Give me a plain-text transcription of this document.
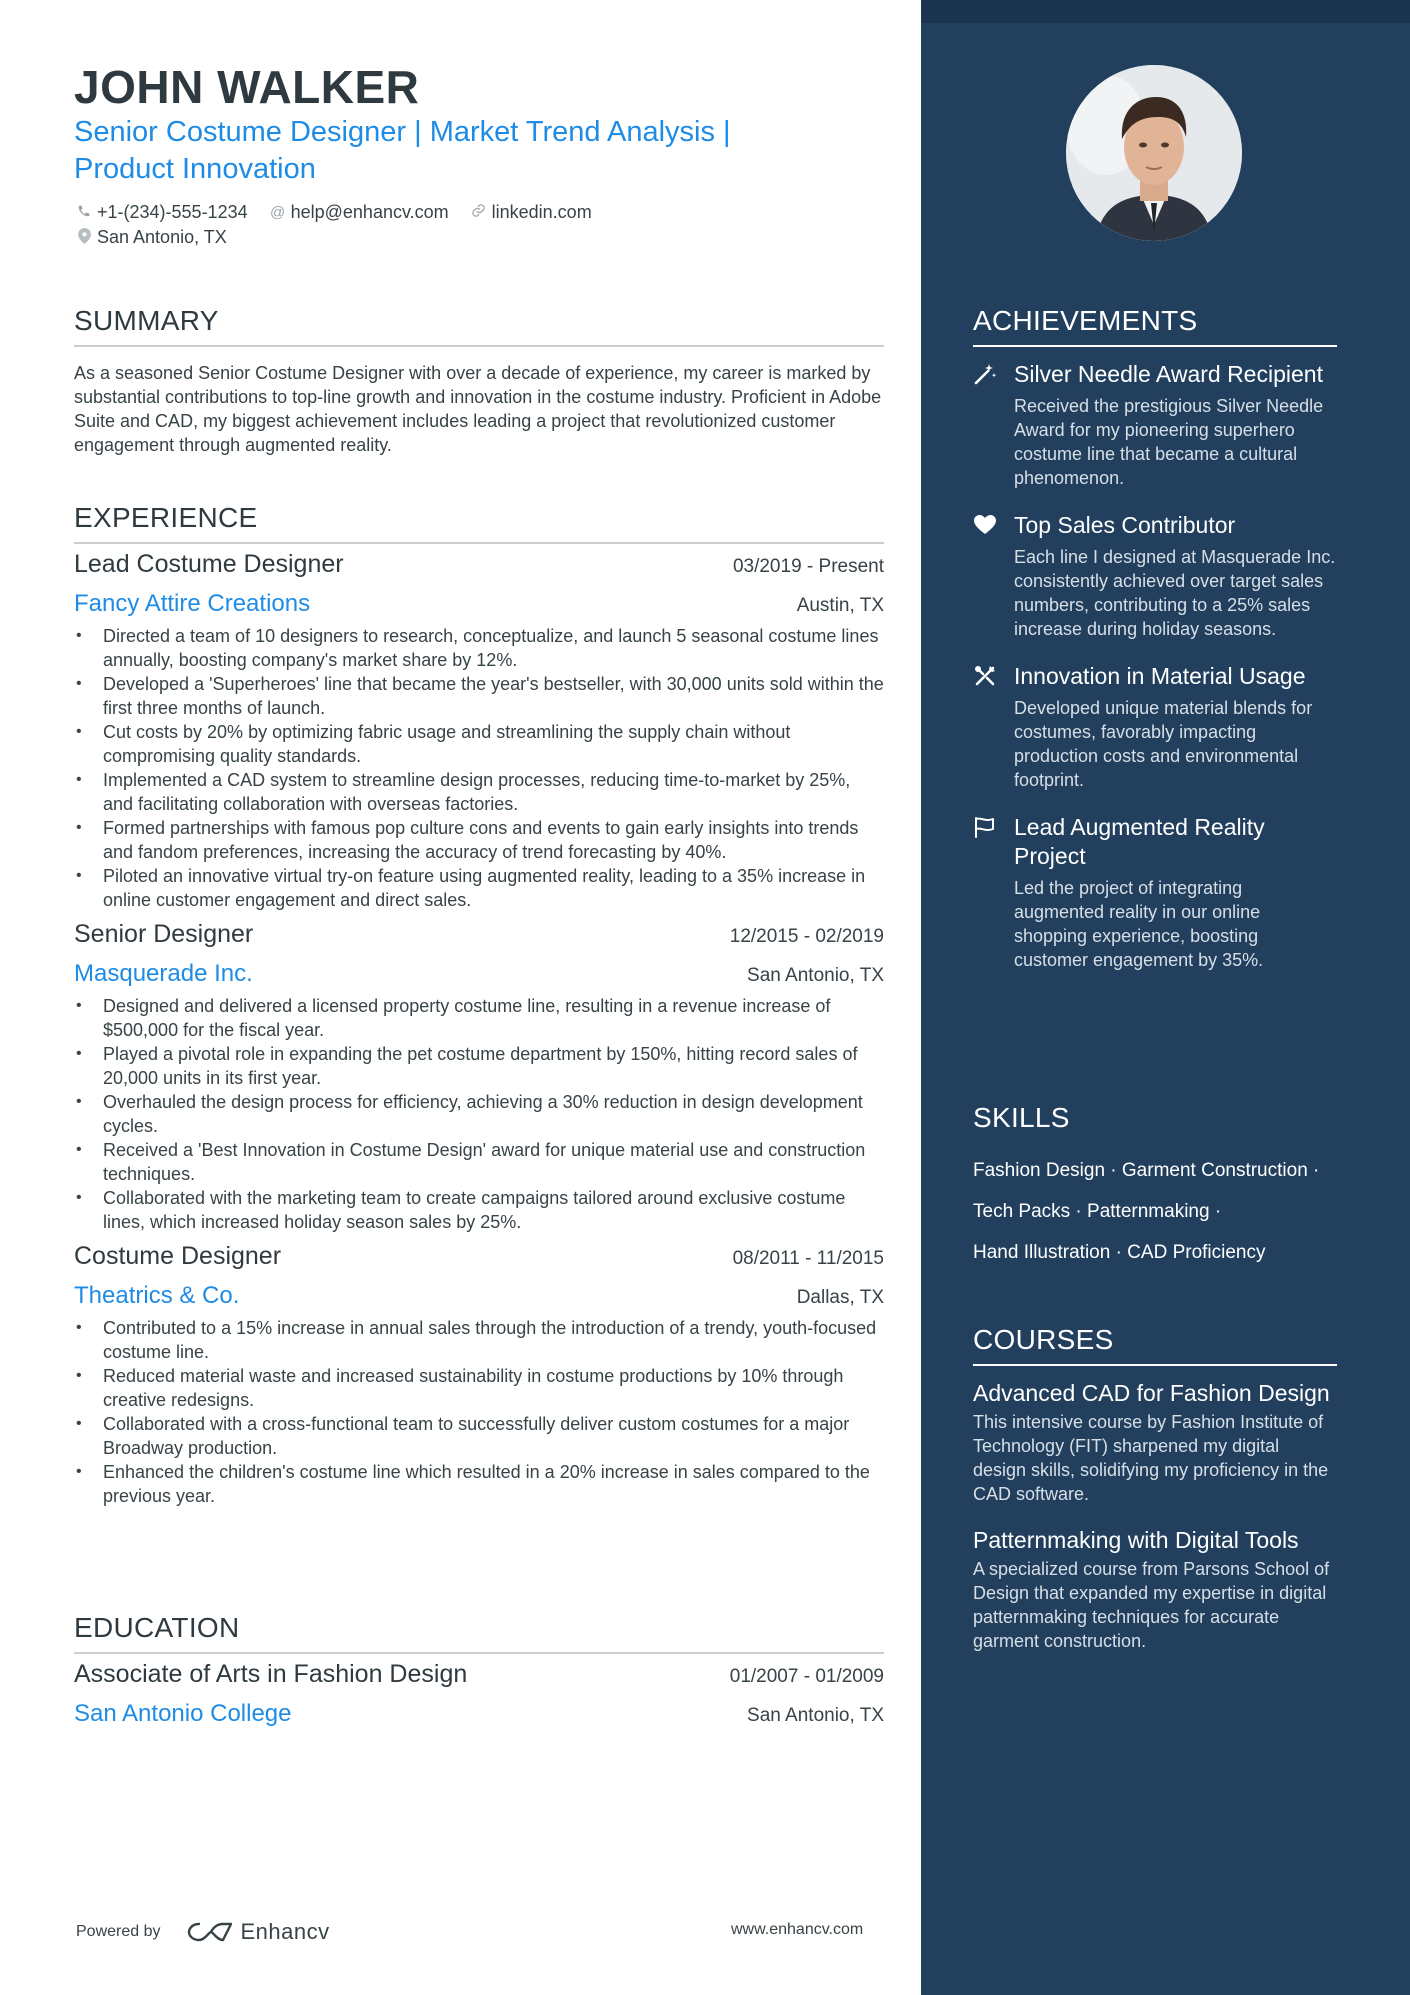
JOHN WALKER
Senior Costume Designer | Market Trend Analysis |
Product Innovation
+1-(234)-555-1234 @ help@enhancv.com linkedin.com
San Antonio, TX
SUMMARY
As a seasoned Senior Costume Designer with over a decade of experience, my career is marked by substantial contributions to top-line growth and innovation in the costume industry. Proficient in Adobe Suite and CAD, my biggest achievement includes leading a project that revolutionized customer engagement through augmented reality.
EXPERIENCE
Lead Costume Designer	03/2019 - Present
Fancy Attire Creations	Austin, TX
• Directed a team of 10 designers to research, conceptualize, and launch 5 seasonal costume lines annually, boosting company's market share by 12%.
• Developed a 'Superheroes' line that became the year's bestseller, with 30,000 units sold within the first three months of launch.
• Cut costs by 20% by optimizing fabric usage and streamlining the supply chain without compromising quality standards.
• Implemented a CAD system to streamline design processes, reducing time-to-market by 25%, and facilitating collaboration with overseas factories.
• Formed partnerships with famous pop culture cons and events to gain early insights into trends and fandom preferences, increasing the accuracy of trend forecasting by 40%.
• Piloted an innovative virtual try-on feature using augmented reality, leading to a 35% increase in online customer engagement and direct sales.
Senior Designer	12/2015 - 02/2019
Masquerade Inc.	San Antonio, TX
• Designed and delivered a licensed property costume line, resulting in a revenue increase of $500,000 for the fiscal year.
• Played a pivotal role in expanding the pet costume department by 150%, hitting record sales of 20,000 units in its first year.
• Overhauled the design process for efficiency, achieving a 30% reduction in design development cycles.
• Received a 'Best Innovation in Costume Design' award for unique material use and construction techniques.
• Collaborated with the marketing team to create campaigns tailored around exclusive costume lines, which increased holiday season sales by 25%.
Costume Designer	08/2011 - 11/2015
Theatrics & Co.	Dallas, TX
• Contributed to a 15% increase in annual sales through the introduction of a trendy, youth-focused costume line.
• Reduced material waste and increased sustainability in costume productions by 10% through creative redesigns.
• Collaborated with a cross-functional team to successfully deliver custom costumes for a major Broadway production.
• Enhanced the children's costume line which resulted in a 20% increase in sales compared to the previous year.
EDUCATION
Associate of Arts in Fashion Design	01/2007 - 01/2009
San Antonio College	San Antonio, TX
Powered by	Enhancv	www.enhancv.com
ACHIEVEMENTS
Silver Needle Award Recipient
Received the prestigious Silver Needle Award for my pioneering superhero costume line that became a cultural phenomenon.
Top Sales Contributor
Each line I designed at Masquerade Inc. consistently achieved over target sales numbers, contributing to a 25% sales increase during holiday seasons.
Innovation in Material Usage
Developed unique material blends for costumes, favorably impacting production costs and environmental footprint.
Lead Augmented Reality Project
Led the project of integrating augmented reality in our online shopping experience, boosting customer engagement by 35%.
SKILLS
Fashion Design · Garment Construction ·
Tech Packs · Patternmaking ·
Hand Illustration · CAD Proficiency
COURSES
Advanced CAD for Fashion Design
This intensive course by Fashion Institute of Technology (FIT) sharpened my digital design skills, solidifying my proficiency in the CAD software.
Patternmaking with Digital Tools
A specialized course from Parsons School of Design that expanded my expertise in digital patternmaking techniques for accurate garment construction.
